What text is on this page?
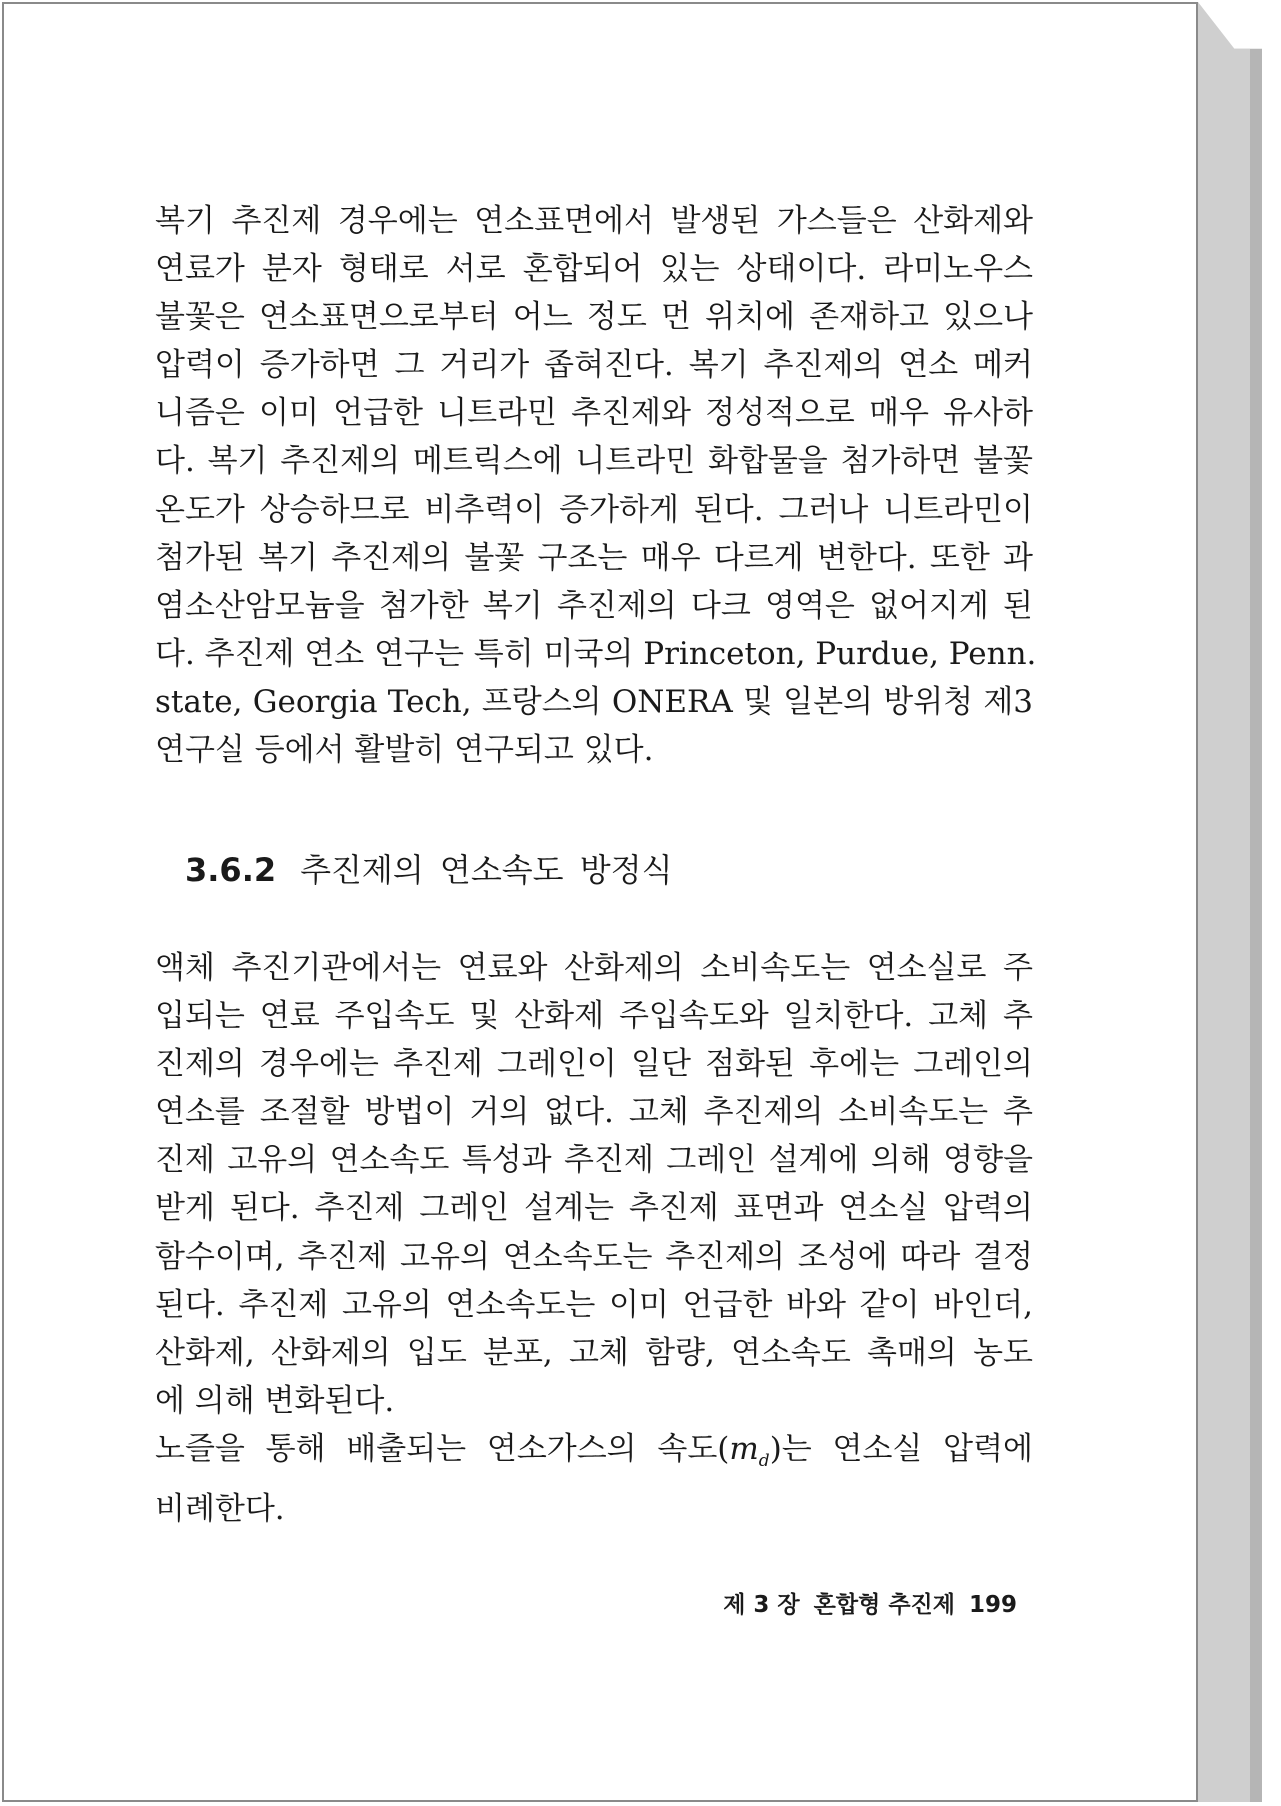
복기 추진제 경우에는 연소표면에서 발생된 가스들은 산화제와
연료가 분자 형태로 서로 혼합되어 있는 상태이다. 라미노우스
불꽃은 연소표면으로부터 어느 정도 먼 위치에 존재하고 있으나
압력이 증가하면 그 거리가 좁혀진다. 복기 추진제의 연소 메커
니즘은 이미 언급한 니트라민 추진제와 정성적으로 매우 유사하
다. 복기 추진제의 메트릭스에 니트라민 화합물을 첨가하면 불꽃
온도가 상승하므로 비추력이 증가하게 된다. 그러나 니트라민이
첨가된 복기 추진제의 불꽃 구조는 매우 다르게 변한다. 또한 과
염소산암모늄을 첨가한 복기 추진제의 다크 영역은 없어지게 된
다. 추진제 연소 연구는 특히 미국의 Princeton, Purdue, Penn.
state, Georgia Tech, 프랑스의 ONERA 및 일본의 방위청 제3
연구실 등에서 활발히 연구되고 있다.
3.6.2 추진제의 연소속도 방정식
액체 추진기관에서는 연료와 산화제의 소비속도는 연소실로 주
입되는 연료 주입속도 및 산화제 주입속도와 일치한다. 고체 추
진제의 경우에는 추진제 그레인이 일단 점화된 후에는 그레인의
연소를 조절할 방법이 거의 없다. 고체 추진제의 소비속도는 추
진제 고유의 연소속도 특성과 추진제 그레인 설계에 의해 영향을
받게 된다. 추진제 그레인 설계는 추진제 표면과 연소실 압력의
함수이며, 추진제 고유의 연소속도는 추진제의 조성에 따라 결정
된다. 추진제 고유의 연소속도는 이미 언급한 바와 같이 바인더,
산화제, 산화제의 입도 분포, 고체 함량, 연소속도 촉매의 농도
에 의해 변화된다.
노즐을 통해 배출되는 연소가스의 속도$(m_d)$는 연소실 압력에
비례한다.
제 3 장 혼합형 추진제 199
